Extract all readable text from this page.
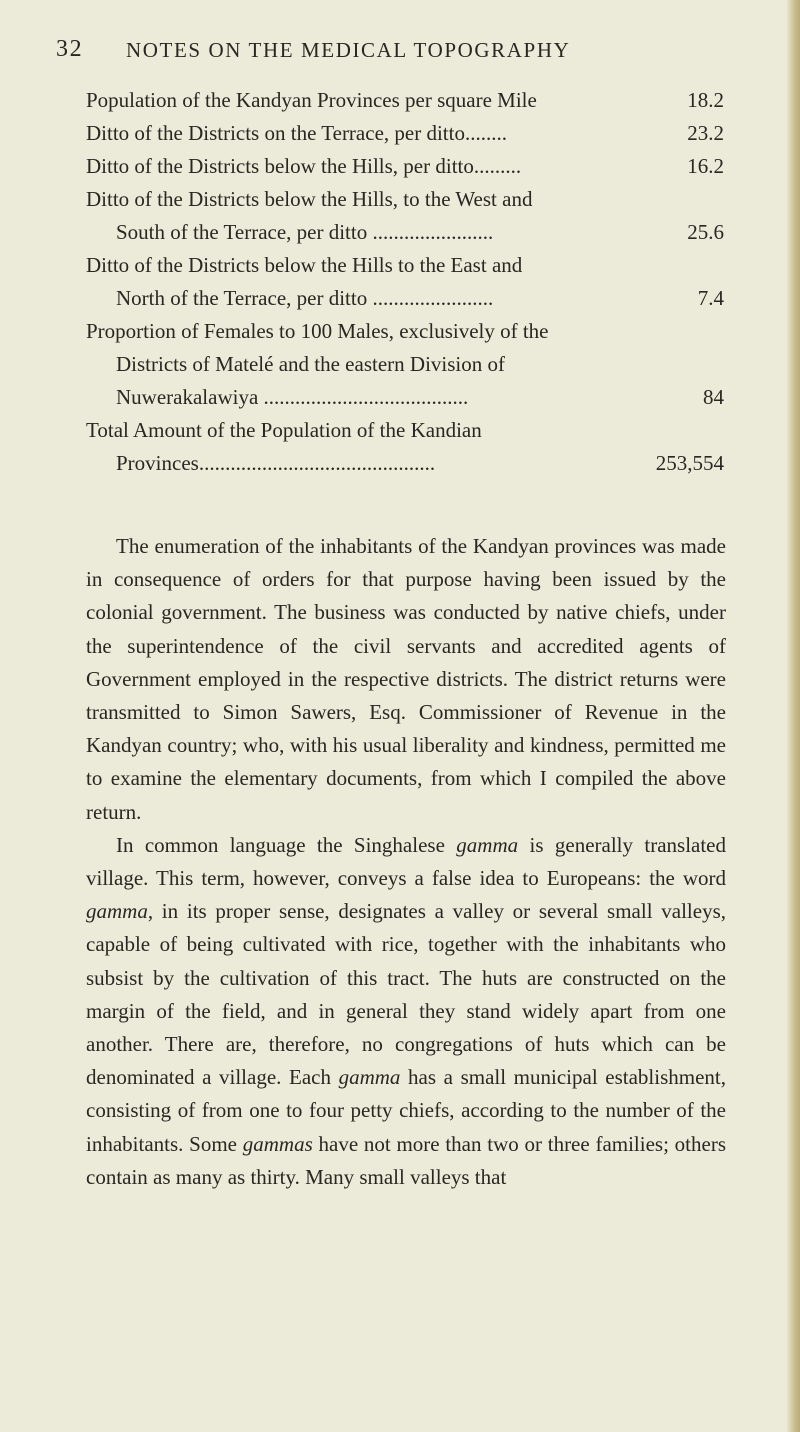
32 NOTES ON THE MEDICAL TOPOGRAPHY
Population of the Kandyan Provinces per square Mile	18.2
Ditto of the Districts on the Terrace, per ditto........	23.2
Ditto of the Districts below the Hills, per ditto.........	16.2
Ditto of the Districts below the Hills, to the West and
South of the Terrace, per ditto .......................	25.6
Ditto of the Districts below the Hills to the East and
North of the Terrace, per ditto .......................	7.4
Proportion of Females to 100 Males, exclusively of the
Districts of Matelé and the eastern Division of
Nuwerakalawiya .......................................	84
Total Amount of the Population of the Kandian
Provinces.............................................	253,554

The enumeration of the inhabitants of the Kandyan provinces was made in consequence of orders for that purpose having been issued by the colonial government. The business was conducted by native chiefs, under the superintendence of the civil servants and accredited agents of Government employed in the respective districts. The district returns were transmitted to Simon Sawers, Esq. Commissioner of Revenue in the Kandyan country; who, with his usual liberality and kindness, permitted me to examine the elementary documents, from which I compiled the above return.

In common language the Singhalese gamma is generally translated village. This term, however, conveys a false idea to Europeans: the word gamma, in its proper sense, designates a valley or several small valleys, capable of being cultivated with rice, together with the inhabitants who subsist by the cultivation of this tract. The huts are constructed on the margin of the field, and in general they stand widely apart from one another. There are, therefore, no congregations of huts which can be denominated a village. Each gamma has a small municipal establishment, consisting of from one to four petty chiefs, according to the number of the inhabitants. Some gammas have not more than two or three families; others contain as many as thirty. Many small valleys that
